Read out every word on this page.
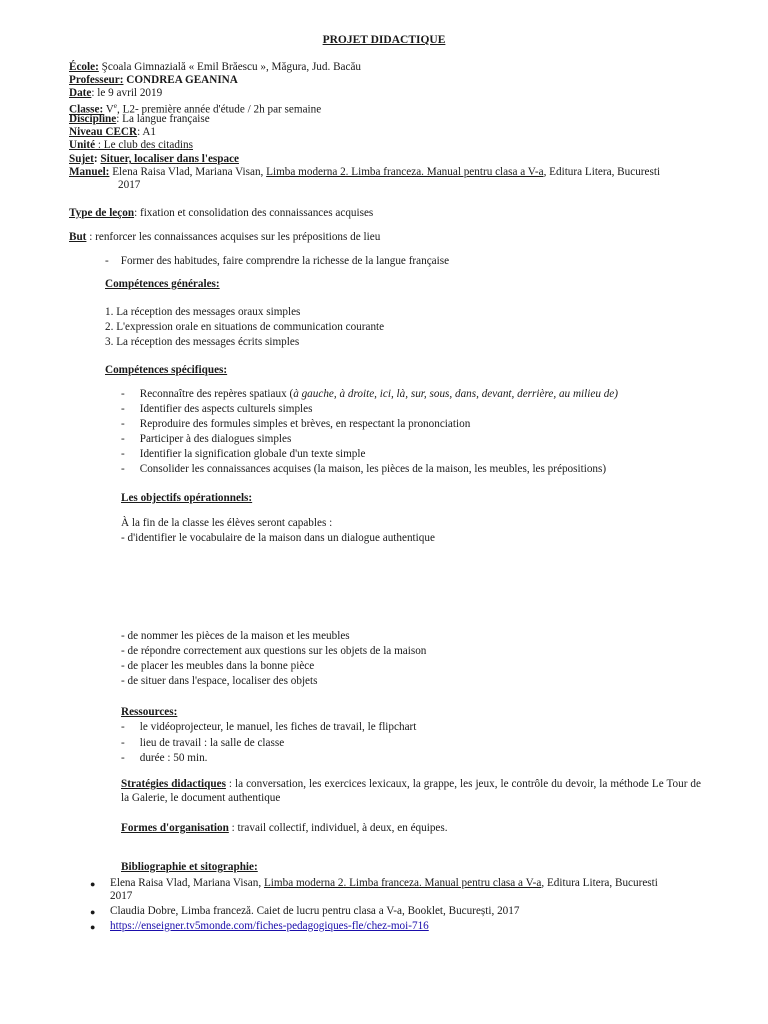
PROJET DIDACTIQUE
École: Şcoala Gimnazială « Emil Brăescu », Măgura, Jud. Bacău
Professeur: CONDREA GEANINA
Date: le 9 avril 2019
Classe: Ve, L2- première année d'étude / 2h par semaine
Discipline: La langue française
Niveau CECR: A1
Unité : Le club des citadins
Sujet: Situer, localiser dans l'espace
Manuel: Elena Raisa Vlad, Mariana Visan, Limba moderna 2. Limba franceza. Manual pentru clasa a V-a, Editura Litera, Bucuresti
2017
Type de leçon: fixation et consolidation des connaissances acquises
But : renforcer les connaissances acquises sur les prépositions de lieu
- Former des habitudes, faire comprendre la richesse de la langue française
Compétences générales:
1. La réception des messages oraux simples
2. L'expression orale en situations de communication courante
3. La réception des messages écrits simples
Compétences spécifiques:
- Reconnaître des repères spatiaux (à gauche, à droite, ici, là, sur, sous, dans, devant, derrière, au milieu de)
- Identifier des aspects culturels simples
- Reproduire des formules simples et brèves, en respectant la prononciation
- Participer à des dialogues simples
- Identifier la signification globale d'un texte simple
- Consolider les connaissances acquises (la maison, les pièces de la maison, les meubles, les prépositions)
Les objectifs opérationnels:
À la fin de la classe les élèves seront capables :
- d'identifier le vocabulaire de la maison dans un dialogue authentique
- de nommer les pièces de la maison et les meubles
- de répondre correctement aux questions sur les objets de la maison
- de placer les meubles dans la bonne pièce
- de situer dans l'espace, localiser des objets
Ressources:
- le vidéoprojecteur, le manuel, les fiches de travail, le flipchart
- lieu de travail : la salle de classe
- durée : 50 min.
Stratégies didactiques : la conversation, les exercices lexicaux, la grappe, les jeux, le contrôle du devoir, la méthode Le Tour de la Galerie, le document authentique
Formes d'organisation : travail collectif, individuel, à deux, en équipes.
Bibliographie et sitographie:
● Elena Raisa Vlad, Mariana Visan, Limba moderna 2. Limba franceza. Manual pentru clasa a V-a, Editura Litera, Bucuresti
2017
● Claudia Dobre, Limba franceză. Caiet de lucru pentru clasa a V-a, Booklet, București, 2017
● https://enseigner.tv5monde.com/fiches-pedagogiques-fle/chez-moi-716
